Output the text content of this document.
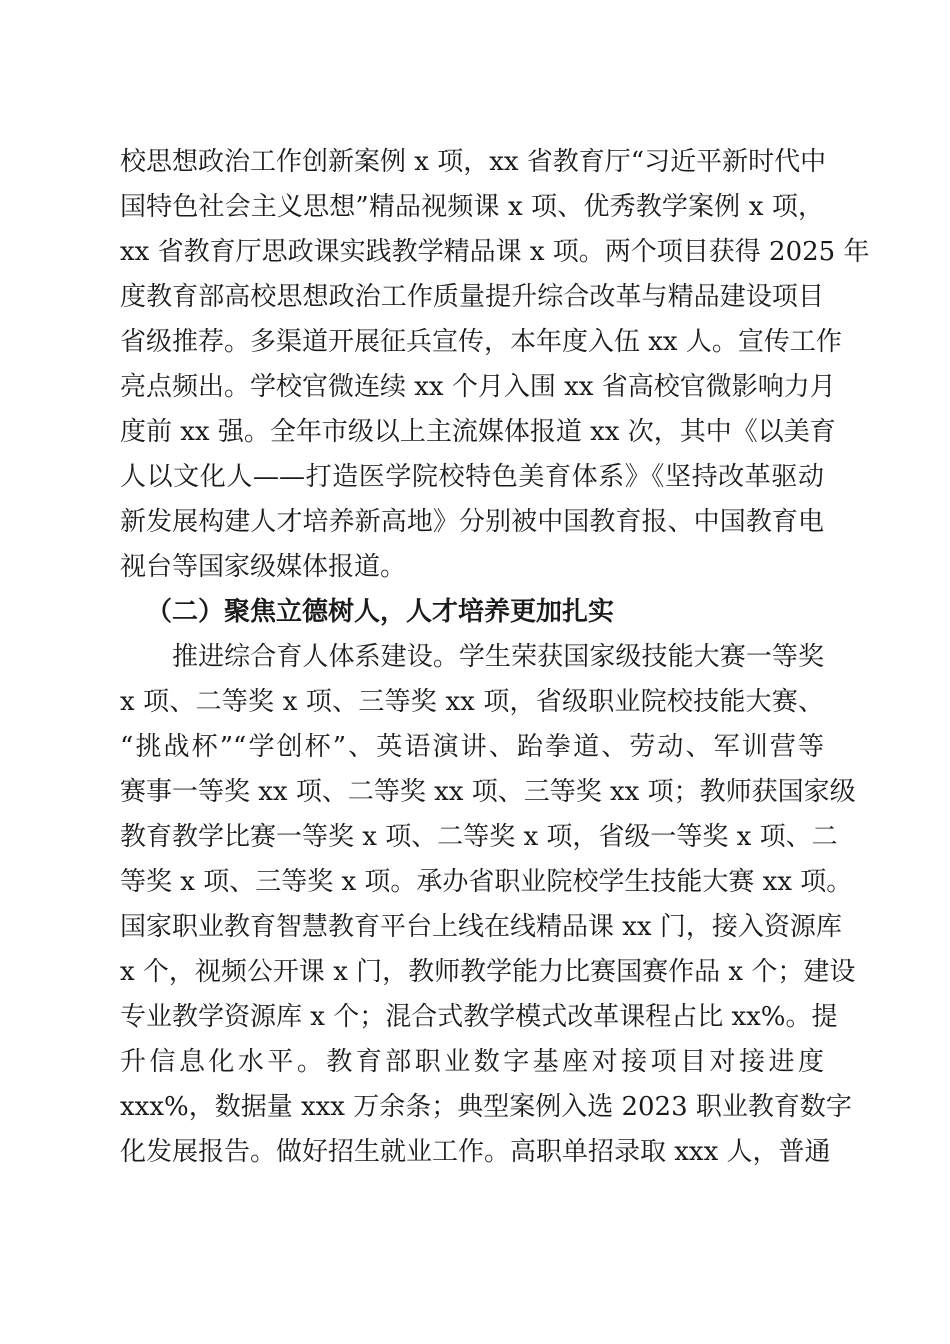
校思想政治工作创新案例 x 项，xx 省教育厅“习近平新时代中
国特色社会主义思想”精品视频课 x 项、优秀教学案例 x 项，
xx 省教育厅思政课实践教学精品课 x 项。两个项目获得 2025 年
度教育部高校思想政治工作质量提升综合改革与精品建设项目
省级推荐。多渠道开展征兵宣传，本年度入伍 xx 人。宣传工作
亮点频出。学校官微连续 xx 个月入围 xx 省高校官微影响力月
度前 xx 强。全年市级以上主流媒体报道 xx 次，其中《以美育
人以文化人——打造医学院校特色美育体系》《坚持改革驱动
新发展构建人才培养新高地》分别被中国教育报、中国教育电
视台等国家级媒体报道。
（二）聚焦立德树人，人才培养更加扎实
推进综合育人体系建设。学生荣获国家级技能大赛一等奖
x 项、二等奖 x 项、三等奖 xx 项，省级职业院校技能大赛、
“挑战杯”“学创杯”、英语演讲、跆拳道、劳动、军训营等
赛事一等奖 xx 项、二等奖 xx 项、三等奖 xx 项；教师获国家级
教育教学比赛一等奖 x 项、二等奖 x 项，省级一等奖 x 项、二
等奖 x 项、三等奖 x 项。承办省职业院校学生技能大赛 xx 项。
国家职业教育智慧教育平台上线在线精品课 xx 门，接入资源库
x 个，视频公开课 x 门，教师教学能力比赛国赛作品 x 个；建设
专业教学资源库 x 个；混合式教学模式改革课程占比 xx%。提
升信息化水平。教育部职业数字基座对接项目对接进度
xxx%，数据量 xxx 万余条；典型案例入选 2023 职业教育数字
化发展报告。做好招生就业工作。高职单招录取 xxx 人，普通
